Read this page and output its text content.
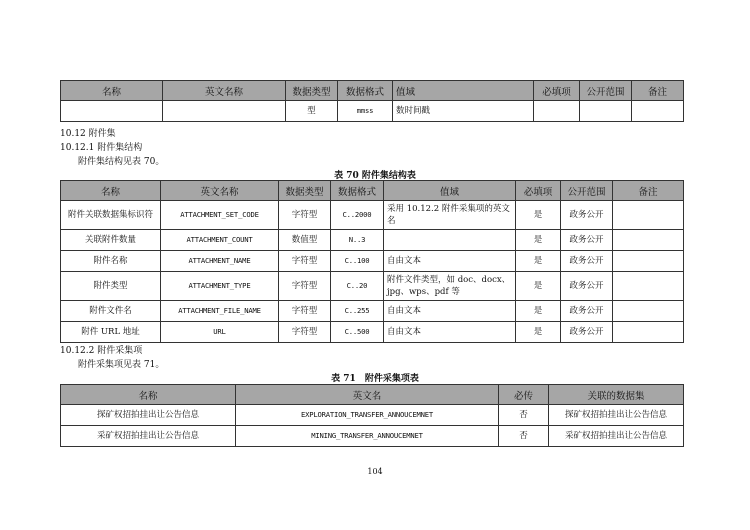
名称	英文名称	数据类型	数据格式	值域	必填项	公开范围	备注
		型	mmss	数时间戳			
10.12 附件集
10.12.1 附件集结构
附件集结构见表 70。
表 70 附件集结构表
名称	英文名称	数据类型	数据格式	值域	必填项	公开范围	备注
附件关联数据集标识符	ATTACHMENT_SET_CODE	字符型	C..2000	采用 10.12.2 附件采集项的英文名	是	政务公开	
关联附件数量	ATTACHMENT_COUNT	数值型	N..3		是	政务公开	
附件名称	ATTACHMENT_NAME	字符型	C..100	自由文本	是	政务公开	
附件类型	ATTACHMENT_TYPE	字符型	C..20	附件文件类型，如 doc、docx、jpg、wps、pdf 等	是	政务公开	
附件文件名	ATTACHMENT_FILE_NAME	字符型	C..255	自由文本	是	政务公开	
附件 URL 地址	URL	字符型	C..500	自由文本	是	政务公开	
10.12.2 附件采集项
附件采集项见表 71。
表 71　附件采集项表
名称	英文名	必传	关联的数据集
探矿权招拍挂出让公告信息	EXPLORATION_TRANSFER_ANNOUCEMNET	否	探矿权招拍挂出让公告信息
采矿权招拍挂出让公告信息	MINING_TRANSFER_ANNOUCEMNET	否	采矿权招拍挂出让公告信息
104
